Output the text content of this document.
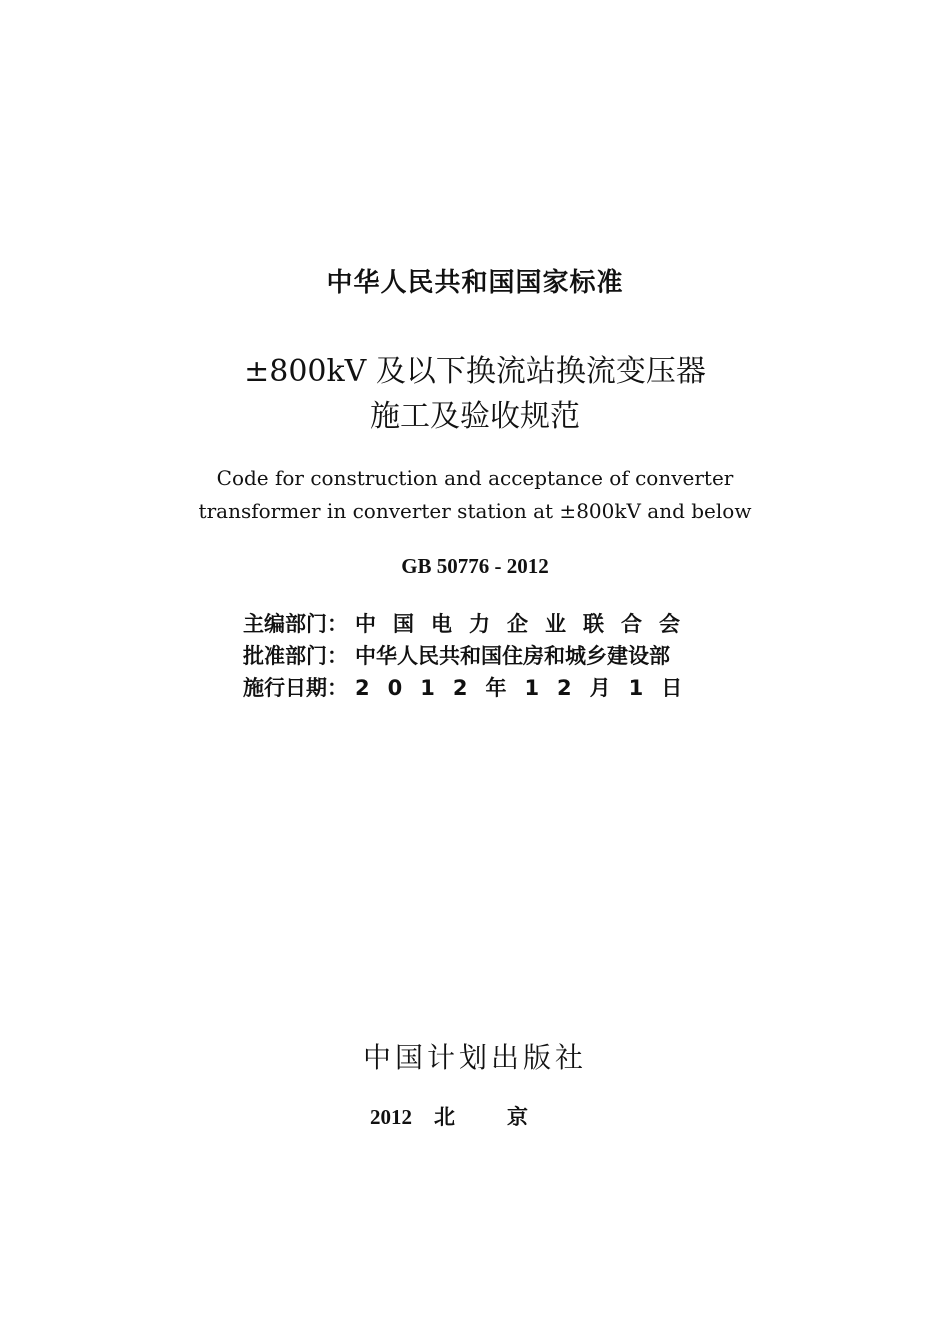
中华人民共和国国家标准
±800kV 及以下换流站换流变压器
施工及验收规范
Code for construction and acceptance of converter
transformer in converter station at ±800kV and below
GB 50776 - 2012
主编部门： 中国电力企业联合会
批准部门： 中华人民共和国住房和城乡建设部
施行日期： 2012年12月1日
中国计划出版社
2012 北京
